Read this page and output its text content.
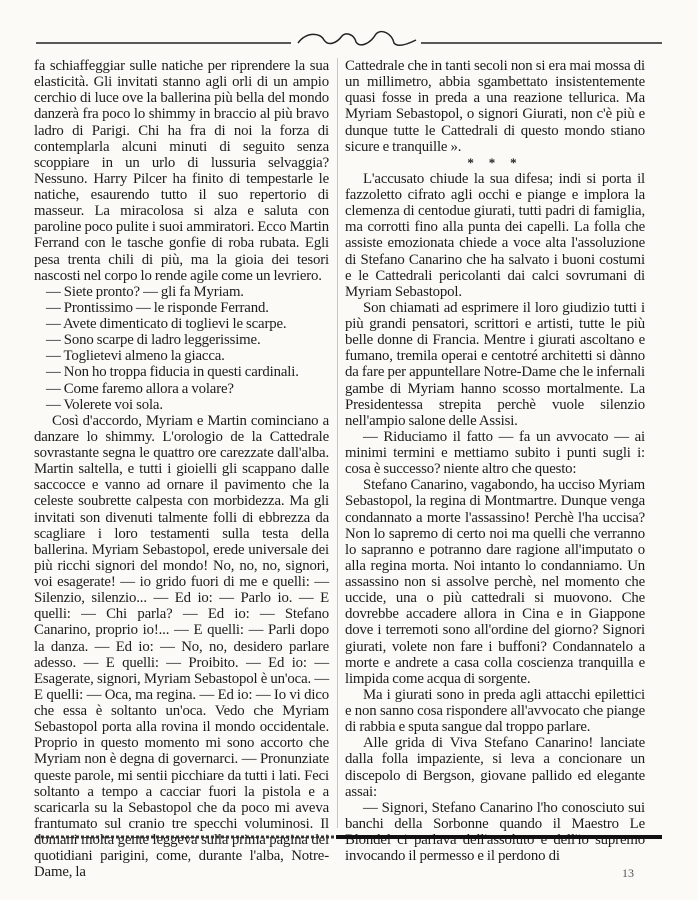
fa schiaffeggiar sulle natiche per riprendere la sua elasticità. Gli invitati stanno agli orli di un ampio cerchio di luce ove la ballerina più bella del mondo danzerà fra poco lo shimmy in braccio al più bravo ladro di Parigi. Chi ha fra di noi la forza di contemplarla alcuni minuti di seguito senza scoppiare in un urlo di lussuria selvaggia? Nessuno. Harry Pilcer ha finito di tempestarle le natiche, esaurendo tutto il suo repertorio di masseur. La miracolosa si alza e saluta con paroline poco pulite i suoi ammiratori. Ecco Martin Ferrand con le tasche gonfie di roba rubata. Egli pesa trenta chili di più, ma la gioia dei tesori nascosti nel corpo lo rende agile come un levriero.

— Siete pronto? — gli fa Myriam.

— Prontissimo — le risponde Ferrand.

— Avete dimenticato di toglievi le scarpe.

— Sono scarpe di ladro leggerissime.

— Toglietevi almeno la giacca.

— Non ho troppa fiducia in questi cardinali.

— Come faremo allora a volare?

— Volerete voi sola.

Così d'accordo, Myriam e Martin cominciano a danzare lo shimmy. L'orologio de la Cattedrale sovrastante segna le quattro ore carezzate dall'alba. Martin saltella, e tutti i gioielli gli scappano dalle saccocce e vanno ad ornare il pavimento che la celeste soubrette calpesta con morbidezza. Ma gli invitati son divenuti talmente folli di ebbrezza da scagliare i loro testamenti sulla testa della ballerina. Myriam Sebastopol, erede universale dei più ricchi signori del mondo! No, no, no, signori, voi esagerate! — io grido fuori di me e quelli: — Silenzio, silenzio... — Ed io: — Parlo io. — E quelli: — Chi parla? — Ed io: — Stefano Canarino, proprio io!... — E quelli: — Parli dopo la danza. — Ed io: — No, no, desidero parlare adesso. — E quelli: — Proibito. — Ed io: — Esagerate, signori, Myriam Sebastopol è un'oca. — E quelli: — Oca, ma regina. — Ed io: — Io vi dico che essa è soltanto un'oca. Vedo che Myriam Sebastopol porta alla rovina il mondo occidentale. Proprio in questo momento mi sono accorto che Myriam non è degna di governarci. — Pronunziate queste parole, mi sentii picchiare da tutti i lati. Feci soltanto a tempo a cacciar fuori la pistola e a scaricarla su la Sebastopol che da poco mi aveva frantumato sul cranio tre specchi voluminosi. Il domani molta gente leggeva sulla prima pagina dei quotidiani parigini, come, durante l'alba, Notre-Dame, la

Cattedrale che in tanti secoli non si era mai mossa di un millimetro, abbia sgambettato insistentemente quasi fosse in preda a una reazione tellurica. Ma Myriam Sebastopol, o signori Giurati, non c'è più e dunque tutte le Cattedrali di questo mondo stiano sicure e tranquille ».

* * *

L'accusato chiude la sua difesa; indi si porta il fazzoletto cifrato agli occhi e piange e implora la clemenza di centodue giurati, tutti padri di famiglia, ma corrotti fino alla punta dei capelli. La folla che assiste emozionata chiede a voce alta l'assoluzione di Stefano Canarino che ha salvato i buoni costumi e le Cattedrali pericolanti dai calci sovrumani di Myriam Sebastopol.

Son chiamati ad esprimere il loro giudizio tutti i più grandi pensatori, scrittori e artisti, tutte le più belle donne di Francia. Mentre i giurati ascoltano e fumano, tremila operai e centotré architetti si dànno da fare per appuntellare Notre-Dame che le infernali gambe di Myriam hanno scosso mortalmente. La Presidentessa strepita perchè vuole silenzio nell'ampio salone delle Assisi.

— Riduciamo il fatto — fa un avvocato — ai minimi termini e mettiamo subito i punti sugli i: cosa è successo? niente altro che questo:

Stefano Canarino, vagabondo, ha ucciso Myriam Sebastopol, la regina di Montmartre. Dunque venga condannato a morte l'assassino! Perchè l'ha uccisa? Non lo sapremo di certo noi ma quelli che verranno lo sapranno e potranno dare ragione all'imputato o alla regina morta. Noi intanto lo condanniamo. Un assassino non si assolve perchè, nel momento che uccide, una o più cattedrali si muovono. Che dovrebbe accadere allora in Cina e in Giappone dove i terremoti sono all'ordine del giorno? Signori giurati, volete non fare i buffoni? Condannatelo a morte e andrete a casa colla coscienza tranquilla e limpida come acqua di sorgente.

Ma i giurati sono in preda agli attacchi epilettici e non sanno cosa rispondere all'avvocato che piange di rabbia e sputa sangue dal troppo parlare.

Alle grida di Viva Stefano Canarino! lanciate dalla folla impaziente, si leva a concionare un discepolo di Bergson, giovane pallido ed elegante assai:

— Signori, Stefano Canarino l'ho conosciuto sui banchi della Sorbonne quando il Maestro Le Blondel ci parlava dell'assoluto e dell'io supremo invocando il permesso e il perdono di

13
